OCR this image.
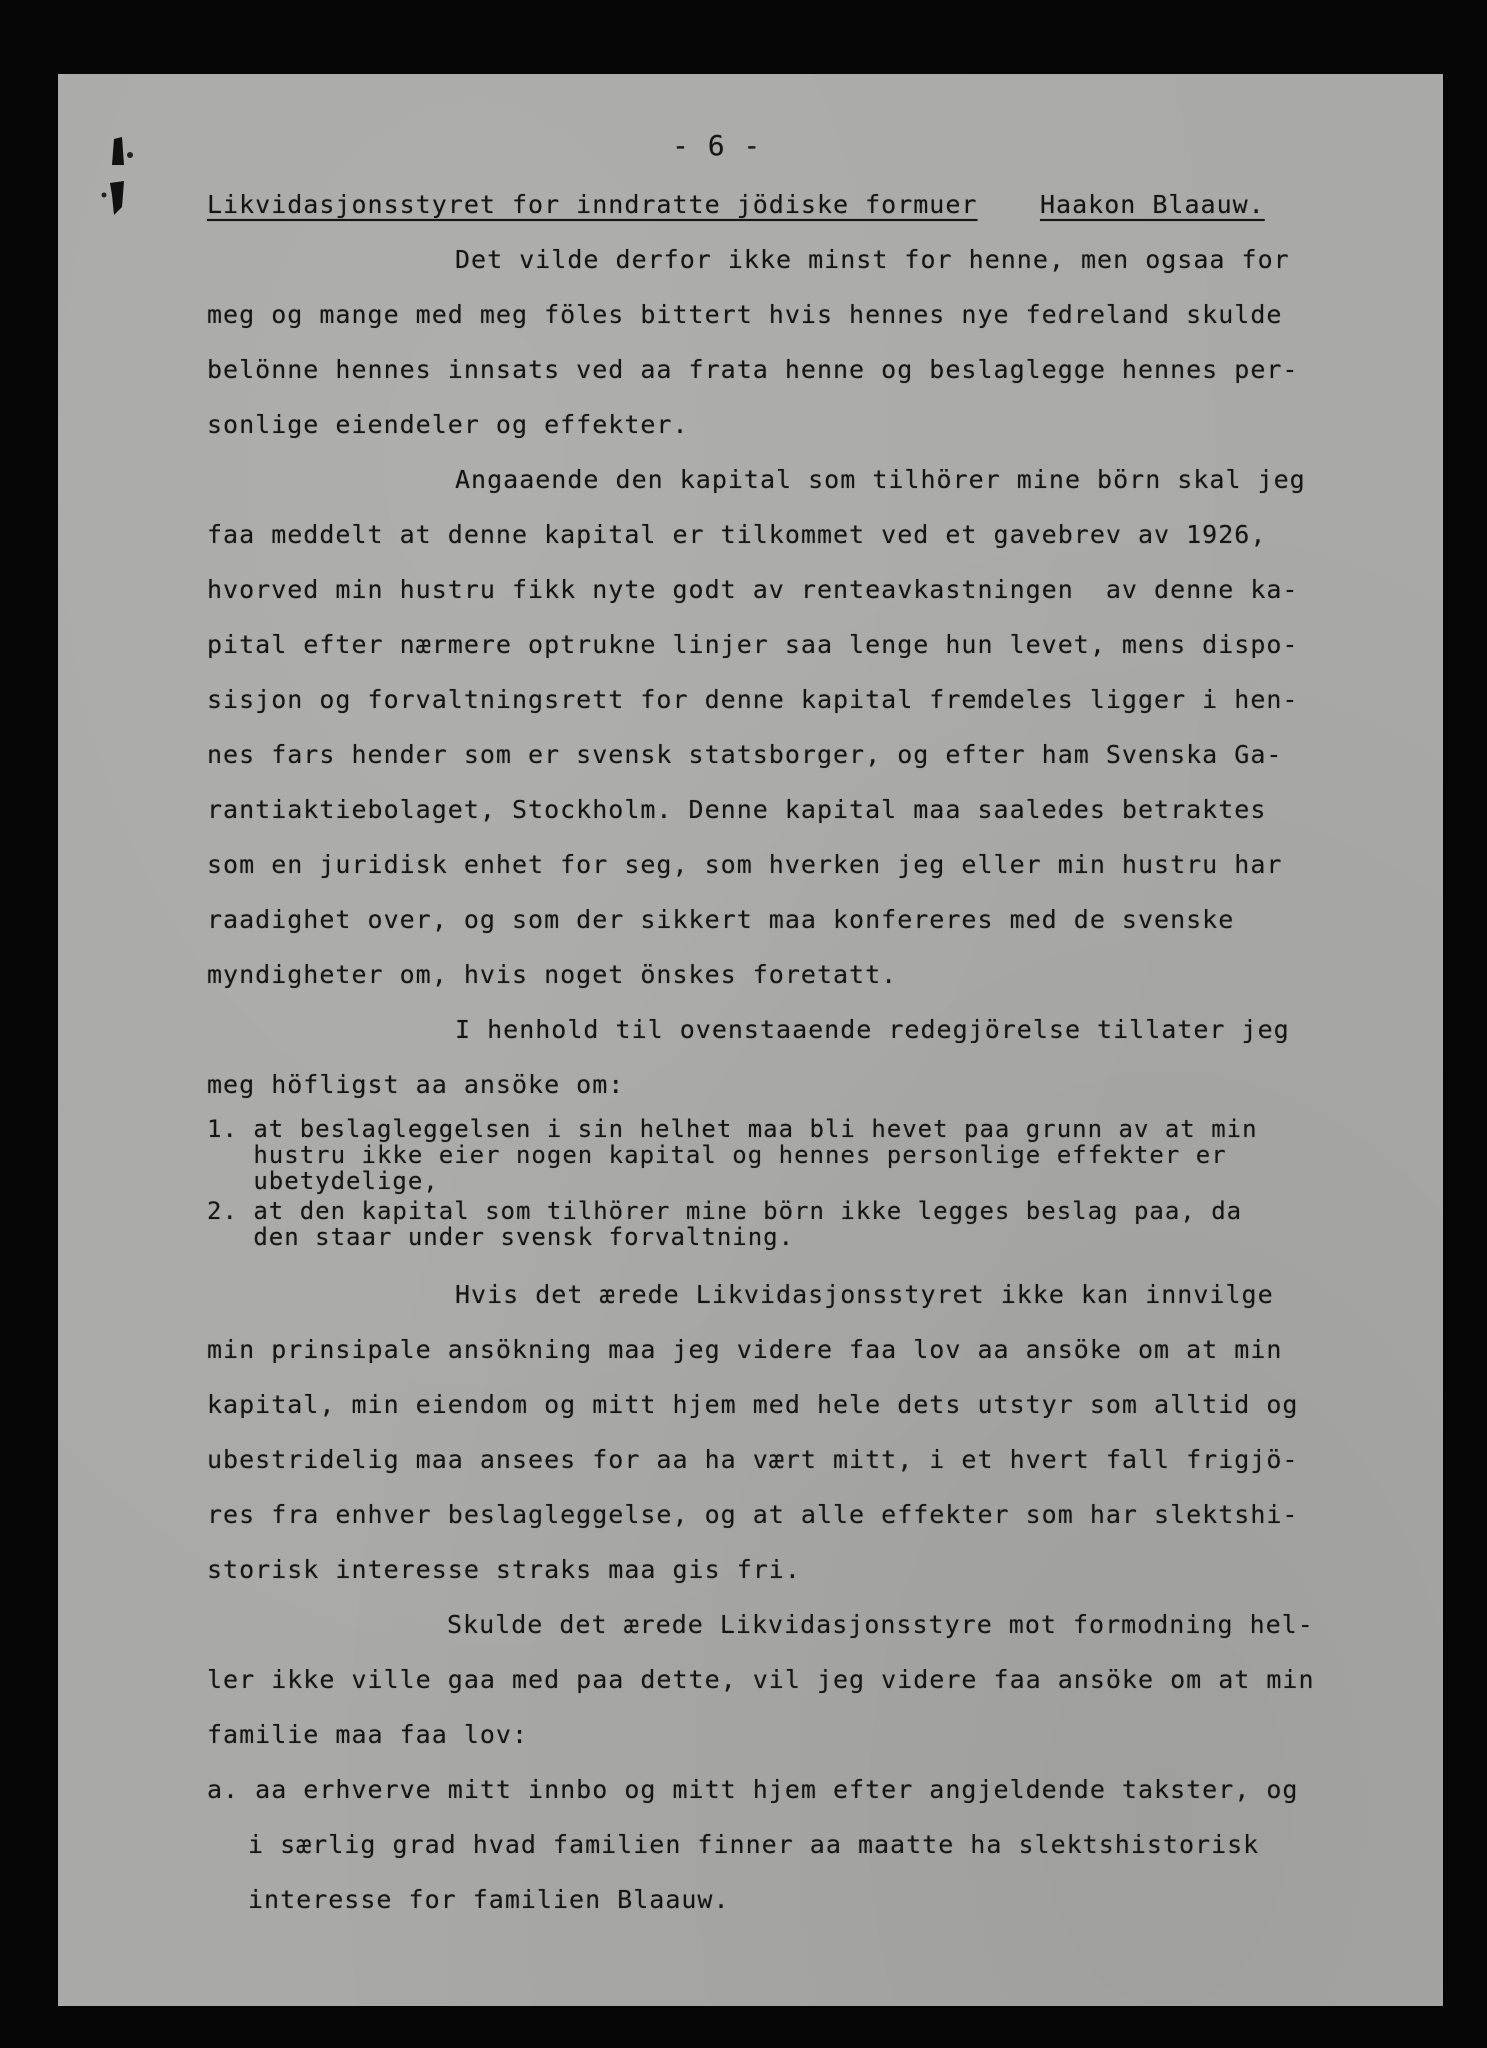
- 6 -
Likvidasjonsstyret for inndratte jödiske formuer	Haakon Blaauw.
Det vilde derfor ikke minst for henne, men ogsaa for
meg og mange med meg föles bittert hvis hennes nye fedreland skulde
belönne hennes innsats ved aa frata henne og beslaglegge hennes per-
sonlige eiendeler og effekter.
Angaaende den kapital som tilhörer mine börn skal jeg
faa meddelt at denne kapital er tilkommet ved et gavebrev av 1926,
hvorved min hustru fikk nyte godt av renteavkastningen  av denne ka-
pital efter nærmere optrukne linjer saa lenge hun levet, mens dispo-
sisjon og forvaltningsrett for denne kapital fremdeles ligger i hen-
nes fars hender som er svensk statsborger, og efter ham Svenska Ga-
rantiaktiebolaget, Stockholm. Denne kapital maa saaledes betraktes
som en juridisk enhet for seg, som hverken jeg eller min hustru har
raadighet over, og som der sikkert maa konfereres med de svenske
myndigheter om, hvis noget önskes foretatt.
I henhold til ovenstaaende redegjörelse tillater jeg
meg höfligst aa ansöke om:
1. at beslagleggelsen i sin helhet maa bli hevet paa grunn av at min
hustru ikke eier nogen kapital og hennes personlige effekter er
ubetydelige,
2. at den kapital som tilhörer mine börn ikke legges beslag paa, da
den staar under svensk forvaltning.
Hvis det ærede Likvidasjonsstyret ikke kan innvilge
min prinsipale ansökning maa jeg videre faa lov aa ansöke om at min
kapital, min eiendom og mitt hjem med hele dets utstyr som alltid og
ubestridelig maa ansees for aa ha vært mitt, i et hvert fall frigjö-
res fra enhver beslagleggelse, og at alle effekter som har slektshi-
storisk interesse straks maa gis fri.
Skulde det ærede Likvidasjonsstyre mot formodning hel-
ler ikke ville gaa med paa dette, vil jeg videre faa ansöke om at min
familie maa faa lov:
a. aa erhverve mitt innbo og mitt hjem efter angjeldende takster, og
i særlig grad hvad familien finner aa maatte ha slektshistorisk
interesse for familien Blaauw.
